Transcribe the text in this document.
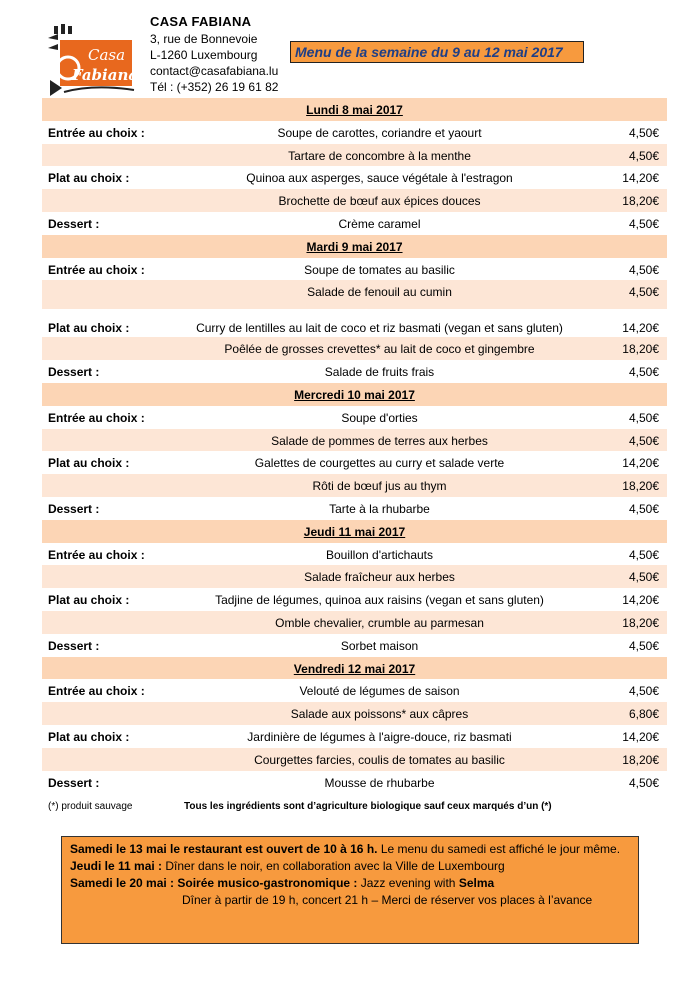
Casa
Fabiana
CASA FABIANA
3, rue de Bonnevoie
L-1260 Luxembourg
contact@casafabiana.lu
Tél : (+352) 26 19 61 82
Menu de la semaine du 9 au 12 mai 2017
Lundi 8 mai 2017
Entrée au choix :	Soupe de carottes, coriandre et yaourt	4,50€
Tartare de concombre à la menthe	4,50€
Plat au choix :	Quinoa aux asperges, sauce végétale à l'estragon	14,20€
Brochette de bœuf aux épices douces	18,20€
Dessert :	Crème caramel	4,50€
Mardi 9 mai 2017
Entrée au choix :	Soupe de tomates au basilic	4,50€
Salade de fenouil au cumin	4,50€
Plat au choix :	Curry de lentilles au lait de coco et riz basmati (vegan et sans gluten)	14,20€
Poêlée de grosses crevettes* au lait de coco et gingembre	18,20€
Dessert :	Salade de fruits frais	4,50€
Mercredi 10 mai 2017
Entrée au choix :	Soupe d'orties	4,50€
Salade de pommes de terres aux herbes	4,50€
Plat au choix :	Galettes de courgettes au curry et salade verte	14,20€
Rôti de bœuf jus au thym	18,20€
Dessert :	Tarte à la rhubarbe	4,50€
Jeudi 11 mai 2017
Entrée au choix :	Bouillon d'artichauts	4,50€
Salade fraîcheur aux herbes	4,50€
Plat au choix :	Tadjine de légumes, quinoa aux raisins (vegan et sans gluten)	14,20€
Omble chevalier, crumble au parmesan	18,20€
Dessert :	Sorbet maison	4,50€
Vendredi 12 mai 2017
Entrée au choix :	Velouté de légumes de saison	4,50€
Salade aux poissons* aux câpres	6,80€
Plat au choix :	Jardinière de légumes à l'aigre-douce, riz basmati	14,20€
Courgettes farcies, coulis de tomates au basilic	18,20€
Dessert :	Mousse de rhubarbe	4,50€
(*) produit sauvage	Tous les ingrédients sont d’agriculture biologique sauf ceux marqués d’un (*)

Samedi le 13 mai le restaurant est ouvert de 10 à 16 h. Le menu du samedi est affiché le jour même.

Jeudi le 11 mai : Dîner dans le noir, en collaboration avec la Ville de Luxembourg

Samedi le 20 mai : Soirée musico-gastronomique : Jazz evening with Selma

Dîner à partir de 19 h, concert 21 h – Merci de réserver vos places à l’avance
